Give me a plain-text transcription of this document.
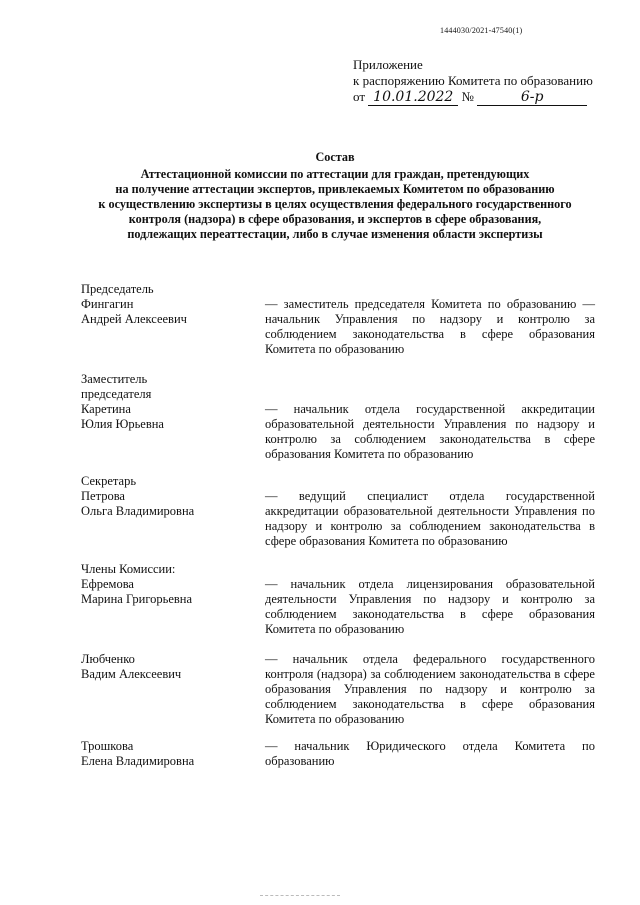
1444030/2021-47540(1)
Приложение
к распоряжению Комитета по образованию
от 10.01.2022 №	6-р
Состав
Аттестационной комиссии по аттестации для граждан, претендующих
на получение аттестации экспертов, привлекаемых Комитетом по образованию
к осуществлению экспертизы в целях осуществления федерального государственного
контроля (надзора) в сфере образования, и экспертов в сфере образования,
подлежащих переаттестации, либо в случае изменения области экспертизы
Председатель
Фингагин
Андрей Алексеевич
— заместитель председателя Комитета по образованию — начальник Управления по надзору и контролю за соблюдением законодательства в сфере образования Комитета по образованию
Заместитель председателя
Каретина
Юлия Юрьевна
— начальник отдела государственной аккредитации образовательной деятельности Управления по надзору и контролю за соблюдением законодательства в сфере образования Комитета по образованию
Секретарь
Петрова
Ольга Владимировна
— ведущий специалист отдела государственной аккредитации образовательной деятельности Управления по надзору и контролю за соблюдением законодательства в сфере образования Комитета по образованию
Члены Комиссии:
Ефремова
Марина Григорьевна
— начальник отдела лицензирования образовательной деятельности Управления по надзору и контролю за соблюдением законодательства в сфере образования Комитета по образованию
Любченко
Вадим Алексеевич
— начальник отдела федерального государственного контроля (надзора) за соблюдением законодательства в сфере образования Управления по надзору и контролю за соблюдением законодательства в сфере образования Комитета по образованию
Трошкова
Елена Владимировна
— начальник Юридического отдела Комитета по образованию
